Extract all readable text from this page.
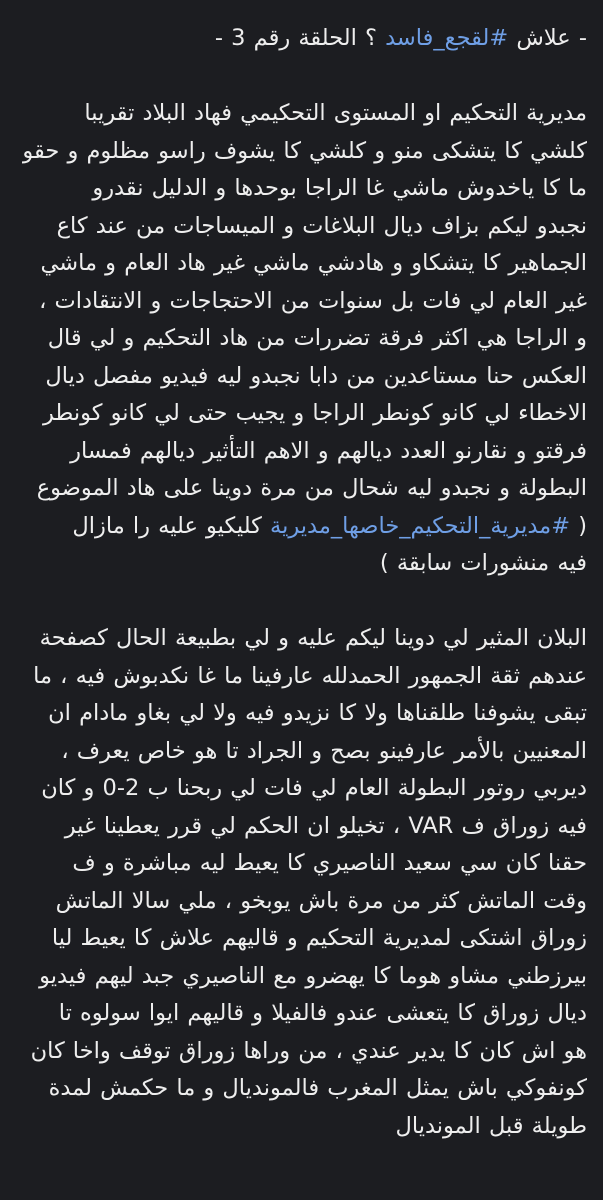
- علاش #لقجع_فاسد ؟ الحلقة رقم 3 -
مديرية التحكيم او المستوى التحكيمي فهاد البلاد تقريبا
كلشي كا يتشكى منو و كلشي كا يشوف راسو مظلوم و حقو
ما كا ياخدوش ماشي غا الراجا بوحدها و الدليل نقدرو
نجبدو ليكم بزاف ديال البلاغات و الميساجات من عند كاع
الجماهير كا يتشكاو و هادشي ماشي غير هاد العام و ماشي
غير العام لي فات بل سنوات من الاحتجاجات و الانتقادات ،
و الراجا هي اكثر فرقة تضررات من هاد التحكيم و لي قال
العكس حنا مستاعدين من دابا نجبدو ليه فيديو مفصل ديال
الاخطاء لي كانو كونطر الراجا و يجيب حتى لي كانو كونطر
فرقتو و نقارنو العدد ديالهم و الاهم التأثير ديالهم فمسار
البطولة و نجبدو ليه شحال من مرة دوينا على هاد الموضوع
( #مديرية_التحكيم_خاصها_مديرية كليكيو عليه را مازال
فيه منشورات سابقة )
البلان المثير لي دوينا ليكم عليه و لي بطبيعة الحال كصفحة
عندهم ثقة الجمهور الحمدلله عارفينا ما غا نكدبوش فيه ، ما
تبقى يشوفنا طلقناها ولا كا نزيدو فيه ولا لي بغاو مادام ان
المعنيين بالأمر عارفينو بصح و الجراد تا هو خاص يعرف ،
ديربي روتور البطولة العام لي فات لي ربحنا ب 2-0 و كان
فيه زوراق ف VAR ، تخيلو ان الحكم لي قرر يعطينا غير
حقنا كان سي سعيد الناصيري كا يعيط ليه مباشرة و ف
وقت الماتش كثر من مرة باش يوبخو ، ملي سالا الماتش
زوراق اشتكى لمديرية التحكيم و قاليهم علاش كا يعيط ليا
بيرزطني مشاو هوما كا يهضرو مع الناصيري جبد ليهم فيديو
ديال زوراق كا يتعشى عندو فالفيلا و قاليهم ايوا سولوه تا
هو اش كان كا يدير عندي ، من وراها زوراق توقف واخا كان
كونفوكي باش يمثل المغرب فالمونديال و ما حكمش لمدة
طويلة قبل المونديال
